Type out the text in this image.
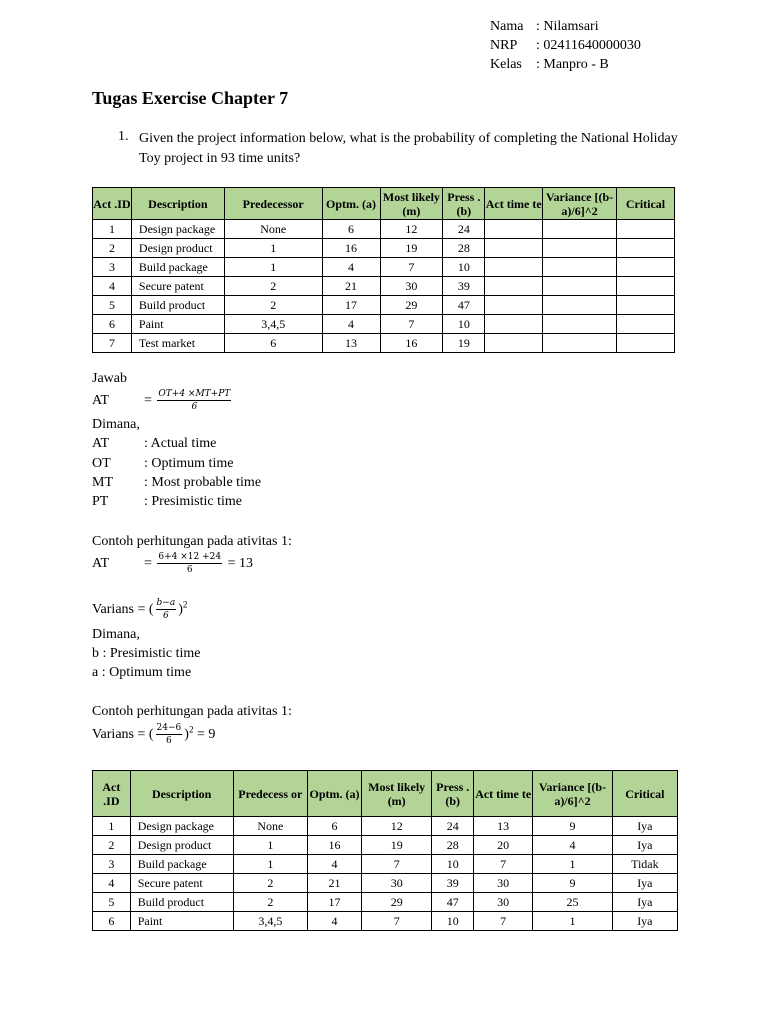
Nama : Nilamsari
NRP : 02411640000030
Kelas : Manpro - B
Tugas Exercise Chapter 7
1. Given the project information below, what is the probability of completing the National Holiday Toy project in 93 time units?
Act .ID	Description	Predecessor	Optm. (a)	Most likely (m)	Press . (b)	Act time te	Variance [(b-a)/6]^2	Critical
1	Design package	None	6	12	24			
2	Design product	1	16	19	28			
3	Build package	1	4	7	10			
4	Secure patent	2	21	30	39			
5	Build product	2	17	29	47			
6	Paint	3,4,5	4	7	10			
7	Test market	6	13	16	19			
Jawab
AT = $\frac{OT+4 \times MT+PT}{6}$
Dimana,
AT : Actual time
OT : Optimum time
MT : Most probable time
PT	: Presimistic time
Contoh perhitungan pada ativitas 1:
AT = $\frac{6+4 \times 12 +24}{6} = 13$
Varians = ( $\frac{b-a}{6} )^2$
Dimana,
b : Presimistic time
a : Optimum time
Contoh perhitungan pada ativitas 1:
Varians = ( $\frac{24-6}{6} )^2 = 9$
Act .ID	Description	Predecess or	Optm. (a)	Most likely (m)	Press . (b)	Act time te	Variance [(b-a)/6]^2	Critical
1	Design package	None	6	12	24	13	9	Iya
2	Design product	1	16	19	28	20	4	Iya
3	Build package	1	4	7	10	7	1	Tidak
4	Secure patent	2	21	30	39	30	9	Iya
5	Build product	2	17	29	47	30	25	Iya
6	Paint	3,4,5	4	7	10	7	1	Iya
